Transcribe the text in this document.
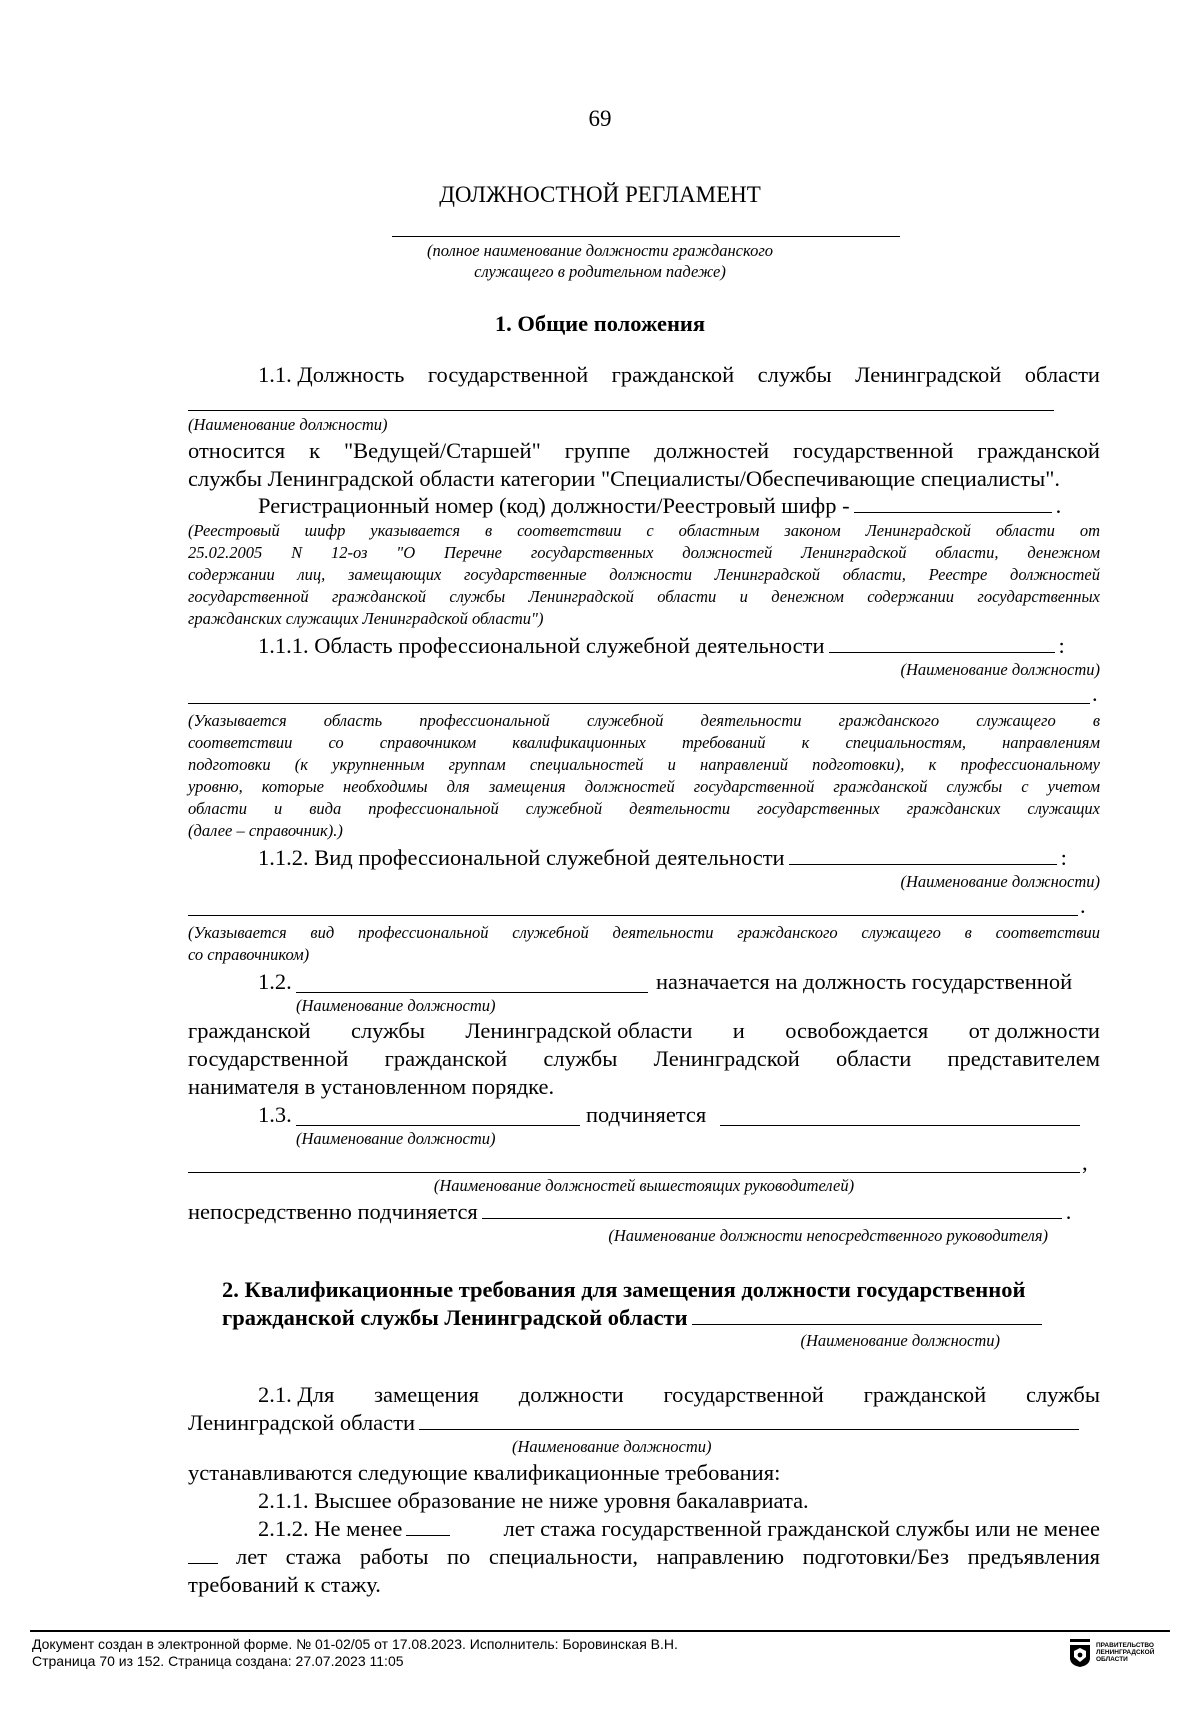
69
ДОЛЖНОСТНОЙ РЕГЛАМЕНТ
(полное наименование должности гражданского
служащего в родительном падеже)
1. Общие положения
1.1. Должность государственной гражданской службы Ленинградской области
(Наименование должности)
относится к "Ведущей/Старшей" группе должностей государственной гражданской
службы Ленинградской области категории "Специалисты/Обеспечивающие специалисты".
Регистрационный номер (код) должности/Реестровый шифр -	.
(Реестровый шифр указывается в соответствии с областным законом Ленинградской области от
25.02.2005 N 12-оз "О Перечне государственных должностей Ленинградской области, денежном
содержании лиц, замещающих государственные должности Ленинградской области, Реестре должностей
государственной гражданской службы Ленинградской области и денежном содержании государственных
гражданских служащих Ленинградской области")
1.1.1. Область профессиональной служебной деятельности	:
(Наименование должности)
.
(Указывается область профессиональной служебной деятельности гражданского служащего в
соответствии со справочником квалификационных требований к специальностям, направлениям
подготовки (к укрупненным группам специальностей и направлений подготовки), к профессиональному
уровню, которые необходимы для замещения должностей государственной гражданской службы с учетом
области и вида профессиональной служебной деятельности государственных гражданских служащих
(далее – справочник).)
1.1.2. Вид профессиональной служебной деятельности	:
(Наименование должности)
.
(Указывается вид профессиональной служебной деятельности гражданского служащего в соответствии
со справочником)
1.2.	назначается на должность государственной
(Наименование должности)
гражданской службы Ленинградской области и освобождается от должности
государственной гражданской службы Ленинградской области представителем
нанимателя в установленном порядке.
1.3.	подчиняется
(Наименование должности)
,
(Наименование должностей вышестоящих руководителей)
непосредственно подчиняется	.
(Наименование должности непосредственного руководителя)
2. Квалификационные требования для замещения должности государственной
гражданской службы Ленинградской области
(Наименование должности)
2.1. Для замещения должности государственной гражданской службы
Ленинградской области
(Наименование должности)
устанавливаются следующие квалификационные требования:
2.1.1. Высшее образование не ниже уровня бакалавриата.
2.1.2. Не менее	лет стажа государственной гражданской службы или не менее
лет стажа работы по специальности, направлению подготовки/Без предъявления
требований к стажу.
Документ создан в электронной форме. № 01-02/05 от 17.08.2023. Исполнитель: Боровинская В.Н.
Страница 70 из 152. Страница создана: 27.07.2023 11:05
ПРАВИТЕЛЬСТВО
ЛЕНИНГРАДСКОЙ
ОБЛАСТИ
